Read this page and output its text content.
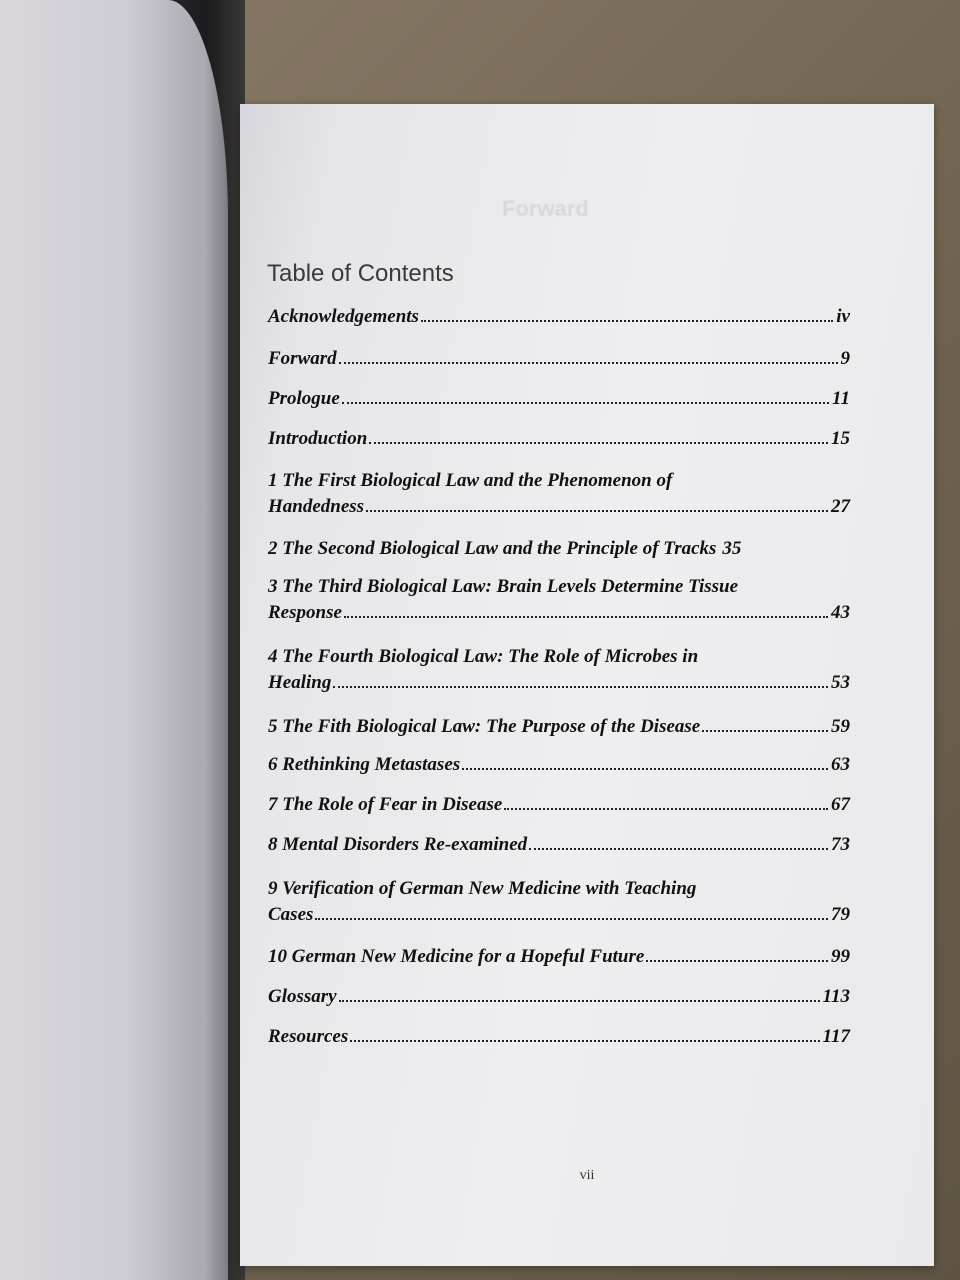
Forward
Table of Contents
Acknowledgements	iv
Forward	9
Prologue	11
Introduction	15
1 The First Biological Law and the Phenomenon of
Handedness	27
2 The Second Biological Law and the Principle of Tracks 35
3 The Third Biological Law: Brain Levels Determine Tissue
Response	43
4 The Fourth Biological Law: The Role of Microbes in
Healing	53
5 The Fith Biological Law: The Purpose of the Disease	59
6 Rethinking Metastases	63
7 The Role of Fear in Disease	67
8 Mental Disorders Re-examined	73
9 Verification of German New Medicine with Teaching
Cases	79
10 German New Medicine for a Hopeful Future	99
Glossary	113
Resources	117
vii
